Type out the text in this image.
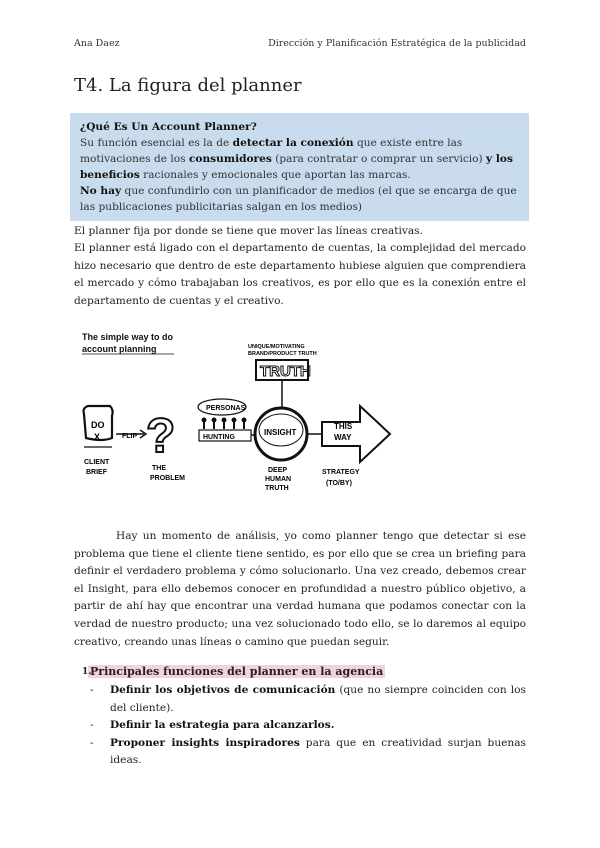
Ana Daez	Dirección y Planificación Estratégica de la publicidad
T4. La figura del planner

¿Qué Es Un Account Planner?

Su función esencial es la de detectar la conexión que existe entre las motivaciones de los consumidores (para contratar o comprar un servicio) y los beneficios racionales y emocionales que aportan las marcas.

No hay que confundirlo con un planificador de medios (el que se encarga de que las publicaciones publicitarias salgan en los medios)

El planner fija por donde se tiene que mover las líneas creativas.

El planner está ligado con el departamento de cuentas, la complejidad del mercado hizo necesario que dentro de este departamento hubiese alguien que comprendiera el mercado y cómo trabajaban los creativos, es por ello que es la conexión entre el departamento de cuentas y el creativo.

The simple way to do
account planning
DO
X
CLIENT
BRIEF
FLIP ?
THE
PROBLEM
PERSONAS
HUNTING
UNIQUE/MOTIVATING
BRAND/PRODUCT TRUTH
TRUTH
INSIGHT
DEEP
HUMAN
TRUTH
THIS
WAY
STRATEGY
(TO/BY)

Hay un momento de análisis, yo como planner tengo que detectar si ese problema que tiene el cliente tiene sentido, es por ello que se crea un briefing para definir el verdadero problema y cómo solucionarlo. Una vez creado, debemos crear el Insight, para ello debemos conocer en profundidad a nuestro público objetivo, a partir de ahí hay que encontrar una verdad humana que podamos conectar con la verdad de nuestro producto; una vez solucionado todo ello, se lo daremos al equipo creativo, creando unas líneas o camino que puedan seguir.

1.
Principales funciones del planner en la agencia
- Definir los objetivos de comunicación (que no siempre coinciden con los del cliente).
- Definir la estrategia para alcanzarlos.
- Proponer insights inspiradores para que en creatividad surjan buenas ideas.
